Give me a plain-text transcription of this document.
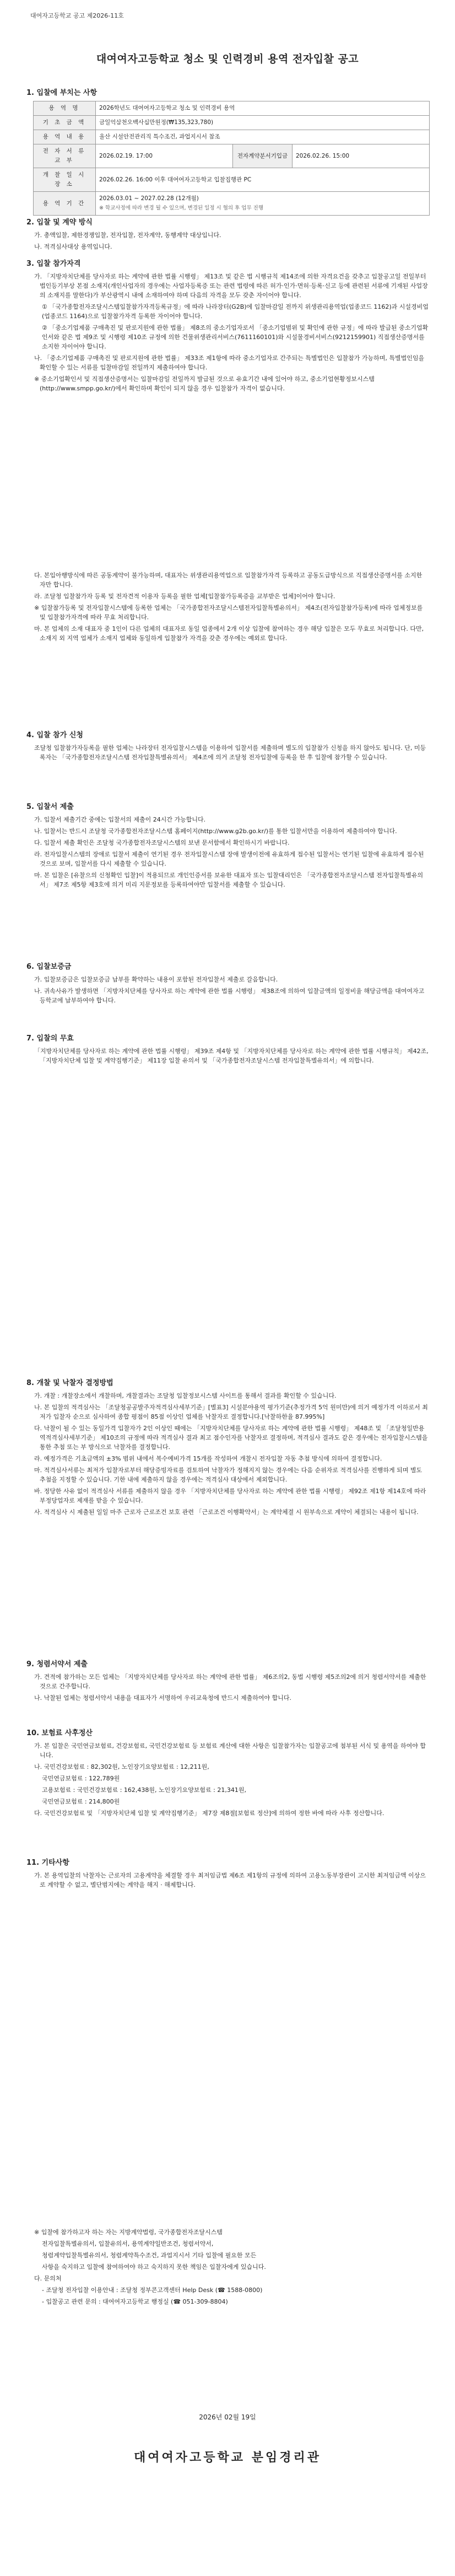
대여자고등학교 공고 제2026-11호
대여여자고등학교 청소 및 인력경비 용역 전자입찰 공고
1. 입찰에 부치는 사항
용 역 명	2026학년도 대여여자고등학교 청소 및 인력경비 용역		
기 초 금 액	금일억삼천오백사십만원정(₩135,323,780)		
용 역 내 용	울산 시설안전관리직 특수조건, 과업지시서 참조		
전 자 서 류 교 부	2026.02.19. 17:00	전자계약분서기입금	2026.02.26. 15:00
개 찰 일 시 장 소	2026.02.26. 16:00 이후 대여여자고등학교 입찰집행관 PC		
용 역 기 간	2026.03.01 ~ 2027.02.28 (12개월)
※ 학교사정에 따라 변경 될 수 있으며, 변경된 일정 시 협의 후 업무 진행		
2. 입찰 및 계약 방식
가. 총액입찰, 제한경쟁입찰, 전자입찰, 전자계약, 동행계약 대상입니다.
나. 적격심사대상 용역입니다.
3. 입찰 참가자격
가. 「지방자치단체를 당사자로 하는 계약에 관한 법률 시행령」 제13조 및 같은 법 시행규칙 제14조에 의한 자격요건을 갖추고 입찰공고일 전일부터 법인등기부상 본점 소재지(개인사업자의 경우에는 사업자등록증 또는 관련 법령에 따른 허가·인가·면허·등록·신고 등에 관련된 서류에 기재된 사업장의 소재지를 말한다)가 부산광역시 내에 소재하여야 하며 다음의 자격을 모두 갖춘 자이어야 합니다.
① 「국가종합전자조달시스템입찰참가자격등록규정」에 따라 나라장터(G2B)에 입찰마감일 전까지 위생관리용역업(업종코드 1162)과 시설경비업(업종코드 1164)으로 입찰참가자격 등록한 자이어야 합니다.
② 「중소기업제품 구매촉진 및 판로지원에 관한 법률」 제8조의 중소기업자로서 「중소기업범위 및 확인에 관한 규정」에 따라 발급된 중소기업확인서와 같은 법 제9조 및 시행령 제10조 규정에 의한 건물위생관리서비스(7611160101)와 시설물경비서비스(9212159901) 직접생산증명서를 소지한 자이어야 합니다.
나. 「중소기업제품 구매촉진 및 판로지원에 관한 법률」 제33조 제1항에 따라 중소기업자로 간주되는 특별법인은 입찰참가 가능하며, 특별법인임을 확인할 수 있는 서류를 입찰마감일 전일까지 제출하여야 합니다.
※ 중소기업확인서 및 직접생산증명서는 입찰마감일 전일까지 발급된 것으로 유효기간 내에 있어야 하고, 중소기업현황정보시스템(http://www.smpp.go.kr/)에서 확인하며 확인이 되지 않을 경우 입찰참가 자격이 없습니다.
다. 본입아행방식에 따른 공동계약이 불가능하며, 대표자는 위생관리용역업으로 입찰참가자격 등록하고 공동도급방식으로 직접생산증명서를 소지한 자만 합니다.
라. 조달청 입찰참가자 등록 및 전자견적 이용자 등록을 필한 업체[입찰참가등록증을 교부받은 업체]이어야 합니다.
※ 입찰참가등록 및 전자입찰시스템에 등록한 업체는 「국가종합전자조달시스템전자입찰특별유의서」 제4조(전자입찰참가등록)에 따라 업체정보를 및 입찰참가자격에 따라 무효 처리합니다.
마. 본 업체의 소재 대표자 중 1인이 다른 업체의 대표자로 동일 업종에서 2개 이상 입찰에 참여하는 경우 해당 입찰은 모두 무효로 처리합니다. 다만, 소재지 외 지역 업체가 소재지 업체와 동일하게 입찰참가 자격을 갖춘 경우에는 예외로 합니다.
4. 입찰 참가 신청
조달청 입찰참가자등록을 필한 업체는 나라장터 전자입찰시스템을 이용하여 입찰서를 제출하며 별도의 입찰참가 신청을 하지 않아도 됩니다. 단, 미등록자는 「국가종합전자조달시스템 전자입찰특별유의서」 제4조에 의거 조달청 전자입찰에 등록을 한 후 입찰에 참가할 수 있습니다.
5. 입찰서 제출
가. 입찰서 제출기간 중에는 입찰서의 제출이 24시간 가능합니다.
나. 입찰서는 반드시 조달청 국가종합전자조달시스템 홈페이지(http://www.g2b.go.kr/)를 통한 입찰서만을 이용하여 제출하여야 합니다.
다. 입찰서 제출 확인은 조달청 국가종합전자조달시스템의 보낸 문서함에서 확인하시기 바랍니다.
라. 전자입찰시스템의 장애로 입찰서 제출이 연기된 경우 전자입찰시스템 장애 발생이전에 유효하게 접수된 입찰서는 연기된 입찰에 유효하게 접수된 것으로 보며, 입찰서를 다시 제출할 수 있습니다.
마. 본 입찰은 [유찰으의 신청확인 입찰]이 적용되므로 개인인증서를 보유한 대표자 또는 입찰대리인은 「국가종합전자조달시스템 전자입찰특별유의서」 제7조 제5항 제3호에 의거 미리 지문정보를 등록하여야만 입찰서를 제출할 수 있습니다.
6. 입찰보증금
가. 입찰보증금은 입찰보증금 납부를 확약하는 내용이 포함된 전자입찰서 제출로 갈음합니다.
나. 귀속사유가 발생하면 「지방자치단체를 당사자로 하는 계약에 관한 법률 시행령」 제38조에 의하여 입찰금액의 일정비율 해당금액을 대여여자고등학교에 납부하여야 합니다.
7. 입찰의 무효
「지방자치단체를 당사자로 하는 계약에 관한 법률 시행령」 제39조 제4항 및 「지방자치단체를 당사자로 하는 계약에 관한 법률 시행규칙」 제42조, 「지방자치단체 입찰 및 계약집행기준」 제11장 입찰 유의서 및 「국가종합전자조달시스템 전자입찰특별유의서」에 의합니다.
8. 개찰 및 낙찰자 결정방법
가. 개찰 : 개찰장소에서 개찰하며, 개찰결과는 조달청 입찰정보시스템 사이트를 통해서 결과를 확인할 수 있습니다.
나. 본 입찰의 적격심사는 「조달청공공발주자적격심사세부기준」[별표3] 시설분야용역 평가기준(추정가격 5억 원미만)에 의거 예정가격 이하로서 최저가 입찰자 순으로 심사하여 종합 평점이 85점 이상인 업체를 낙찰자로 결정합니다.[낙찰하한율 87.995%]
다. 낙찰이 될 수 있는 동일가격 입찰자가 2인 이상인 때에는 「지방자치단체를 당사자로 하는 계약에 관한 법률 시행령」 제48조 및 「조달청일반용역적격심사세부기준」 제10조의 규정에 따라 적격심사 결과 최고 점수인자를 낙찰자로 결정하며, 적격심사 결과도 같은 경우에는 전자입찰시스템을 통한 추첨 또는 부 방식으로 낙찰자를 결정합니다.
라. 예정가격은 기초금액의 ±3% 범위 내에서 복수예비가격 15개를 작성하여 개찰시 전자입찰 자동 추첨 방식에 의하여 결정합니다.
마. 적격심사서류는 최저가 입찰자로부터 해당증빙자료를 검토하여 낙찰자가 정해지지 않는 경우에는 다음 순위자로 적격심사를 진행하게 되며 별도 추첨을 지정할 수 있습니다. 기한 내에 제출하지 않을 경우에는 적격심사 대상에서 제외합니다.
바. 정당한 사유 없이 적격심사 서류를 제출하지 않을 경우 「지방자치단체를 당사자로 하는 계약에 관한 법률 시행령」 제92조 제1항 제14호에 따라 부정당업자로 제재를 받을 수 있습니다.
사. 적격심사 시 제출된 일일 마주 근로자 근로조건 보호 관련 「근로조건 이행확약서」는 계약체결 시 원부속으로 계약이 체결되는 내용이 됩니다.
9. 청렴서약서 제출
가. 견적에 참가하는 모든 업체는 「지방자치단체를 당사자로 하는 계약에 관한 법률」 제6조의2, 동법 시행령 제5조의2에 의거 청렴서약서를 제출한 것으로 간주합니다.
나. 낙찰된 업체는 청렴서약서 내용을 대표자가 서명하여 우리교육청에 반드시 제출하여야 합니다.
10. 보험료 사후정산
가. 본 입찰은 국민연금보험료, 건강보험료, 국민건강보험료 등 보험료 계산에 대한 사항은 입찰참가자는 입찰공고에 첨부된 서식 및 용역을 하여야 합니다.
나. 국민건강보험료 : 82,302원, 노인장기요양보험료 : 12,211원,
국민연금보험료 : 122,789원
고용보험료 : 국민건강보험료 : 162,438원, 노인장기요양보험료 : 21,341원,
국민연금보험료 : 214,800원
다. 국민건강보험료 및 「지방자치단체 입찰 및 계약집행기준」 제7장 제8절[보험료 정산]에 의하여 정한 바에 따라 사후 정산합니다.
11. 기타사항
가. 본 용역입찰의 낙찰자는 근로자의 고용계약을 체결할 경우 최저임금법 제6조 제1항의 규정에 의하여 고용노동부장관이 고시한 최저임금액 이상으로 계약할 수 없고, 별단범지에는 계약을 해지 · 해제합니다.
※ 입찰에 참가하고자 하는 자는 지방계약법령, 국가종합전자조달시스템
전자입찰특별유의서, 입찰유의서, 용역계약일반조건, 청렴서약서,
청렴계약입찰특별유의서, 청렴계약특수조건, 과업지시서 기타 입찰에 필요한 모든
사항을 숙지하고 입찰에 참여하여야 하고 숙지하지 못한 책임은 입찰자에게 있습니다.
다. 문의처
- 조달청 전자입찰 이용안내 : 조달청 정부콘고객센터 Help Desk (☎ 1588-0800)
- 입찰공고 관련 문의 : 대여여자고등학교 행정실 (☎ 051-309-8804)
2026년 02월 19일
대여여자고등학교 분임경리관
